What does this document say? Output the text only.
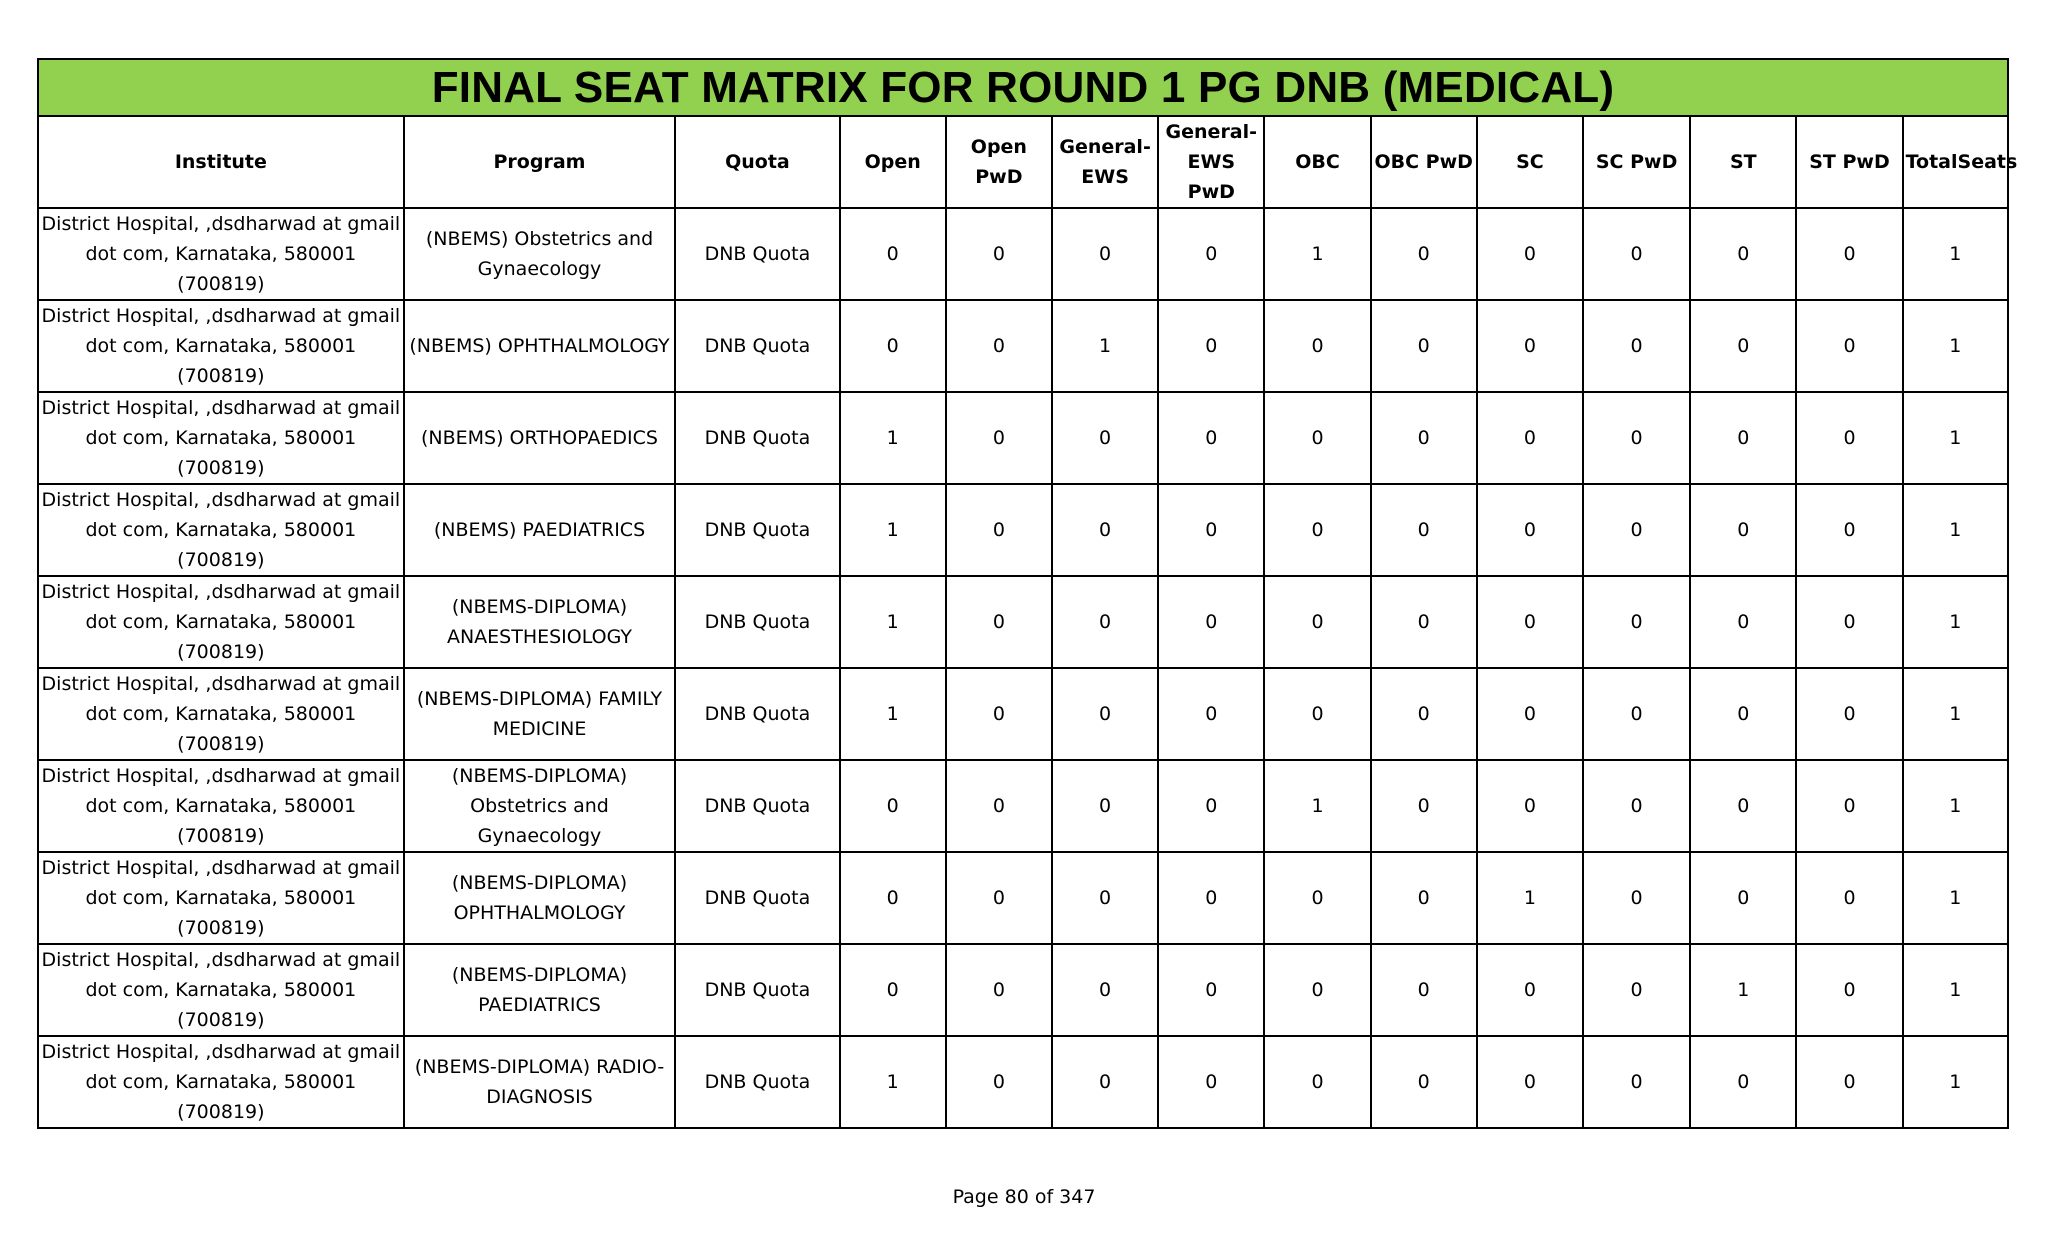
FINAL SEAT MATRIX FOR ROUND 1 PG DNB (MEDICAL)													
Institute	Program	Quota	Open	Open PwD	General-EWS	General-EWS PwD	OBC	OBC PwD	SC	SC PwD	ST	ST PwD	TotalSeats
District Hospital, ,dsdharwad at gmail dot com, Karnataka, 580001 (700819)	(NBEMS) Obstetrics and Gynaecology	DNB Quota	0	0	0	0	1	0	0	0	0	0	1
District Hospital, ,dsdharwad at gmail dot com, Karnataka, 580001 (700819)	(NBEMS) OPHTHALMOLOGY	DNB Quota	0	0	1	0	0	0	0	0	0	0	1
District Hospital, ,dsdharwad at gmail dot com, Karnataka, 580001 (700819)	(NBEMS) ORTHOPAEDICS	DNB Quota	1	0	0	0	0	0	0	0	0	0	1
District Hospital, ,dsdharwad at gmail dot com, Karnataka, 580001 (700819)	(NBEMS) PAEDIATRICS	DNB Quota	1	0	0	0	0	0	0	0	0	0	1
District Hospital, ,dsdharwad at gmail dot com, Karnataka, 580001 (700819)	(NBEMS-DIPLOMA) ANAESTHESIOLOGY	DNB Quota	1	0	0	0	0	0	0	0	0	0	1
District Hospital, ,dsdharwad at gmail dot com, Karnataka, 580001 (700819)	(NBEMS-DIPLOMA) FAMILY MEDICINE	DNB Quota	1	0	0	0	0	0	0	0	0	0	1
District Hospital, ,dsdharwad at gmail dot com, Karnataka, 580001 (700819)	(NBEMS-DIPLOMA) Obstetrics and Gynaecology	DNB Quota	0	0	0	0	1	0	0	0	0	0	1
District Hospital, ,dsdharwad at gmail dot com, Karnataka, 580001 (700819)	(NBEMS-DIPLOMA) OPHTHALMOLOGY	DNB Quota	0	0	0	0	0	0	1	0	0	0	1
District Hospital, ,dsdharwad at gmail dot com, Karnataka, 580001 (700819)	(NBEMS-DIPLOMA) PAEDIATRICS	DNB Quota	0	0	0	0	0	0	0	0	1	0	1
District Hospital, ,dsdharwad at gmail dot com, Karnataka, 580001 (700819)	(NBEMS-DIPLOMA) RADIO-DIAGNOSIS	DNB Quota	1	0	0	0	0	0	0	0	0	0	1
Page 80 of 347
